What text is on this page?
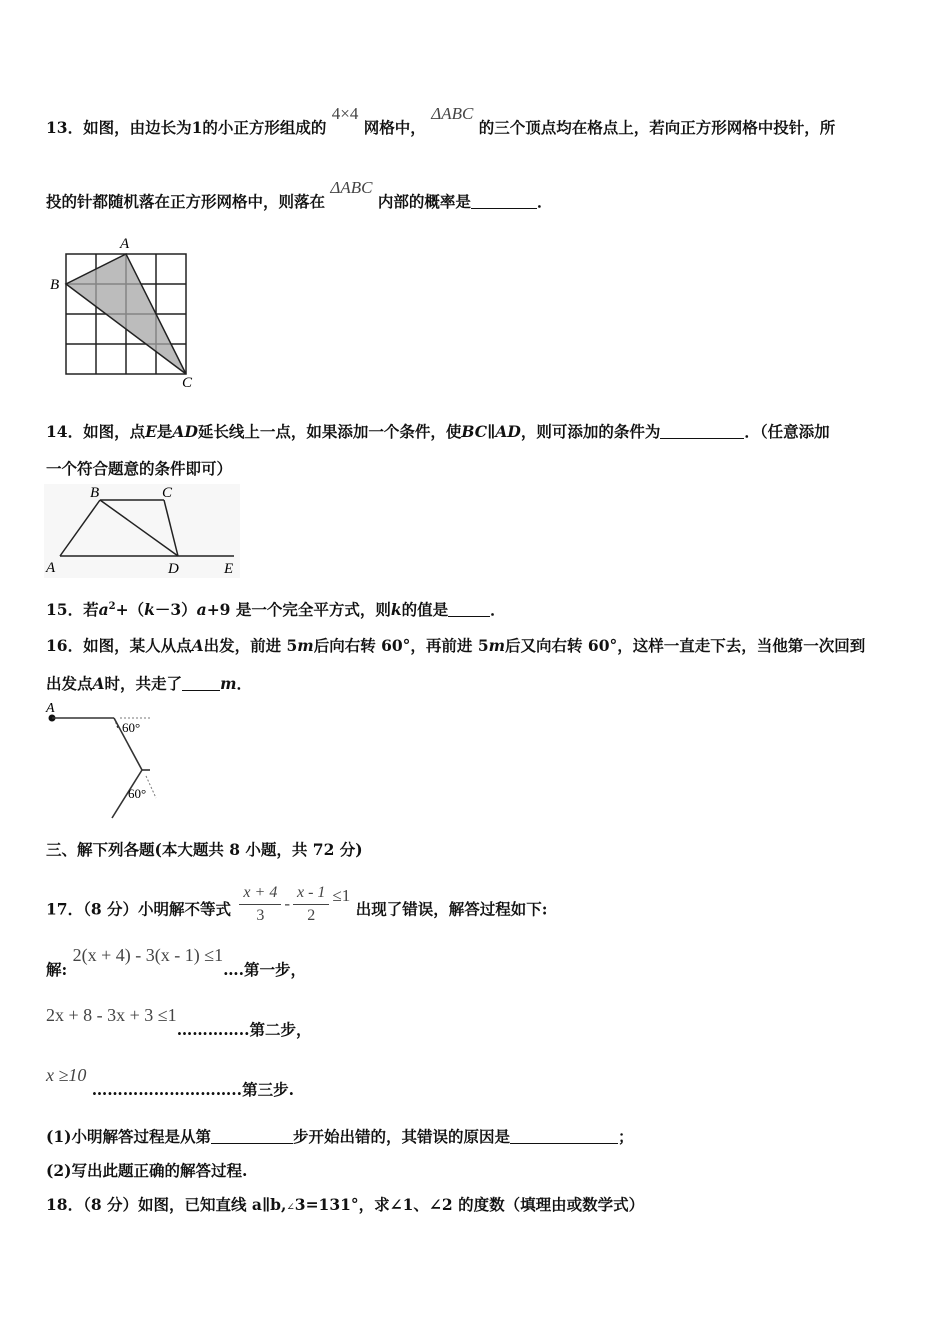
13．如图，由边长为1的小正方形组成的 4×4 网格中， ΔABC 的三个顶点均在格点上，若向正方形网格中投针，所
投的针都随机落在正方形网格中，则落在 ΔABC 内部的概率是	．
A
B
C
14．如图，点E是AD延长线上一点，如果添加一个条件，使BC∥AD，则可添加的条件为	．（任意添加
一个符合题意的条件即可）
B	C
A	D	E
15．若$a^2+(k-3)a+9$ 是一个完全平方式，则k的值是	．
16．如图，某人从点A出发，前进 5m后向右转 60°，再前进 5m后又向右转 60°，这样一直走下去，当他第一次回到
出发点A时，共走了 m．
A
60°
60°
三、解下列各题(本大题共 8 小题，共 72 分)
17．（8 分）小明解不等式 $\frac{x + 4}{3} - \frac{x - 1}{2} \le 1$ 出现了错误，解答过程如下:
解: 2(x + 4) - 3(x - 1) ≤1….第一步，
2x + 8 - 3x + 3 ≤1…………..第二步，
x ≥10 ………………………..第三步.
(1)小明解答过程是从第	步开始出错的，其错误的原因是	；
(2)写出此题正确的解答过程.
18．（8 分）如图，已知直线 a∥b,∠3=131°，求∠1、∠2 的度数（填理由或数学式）
